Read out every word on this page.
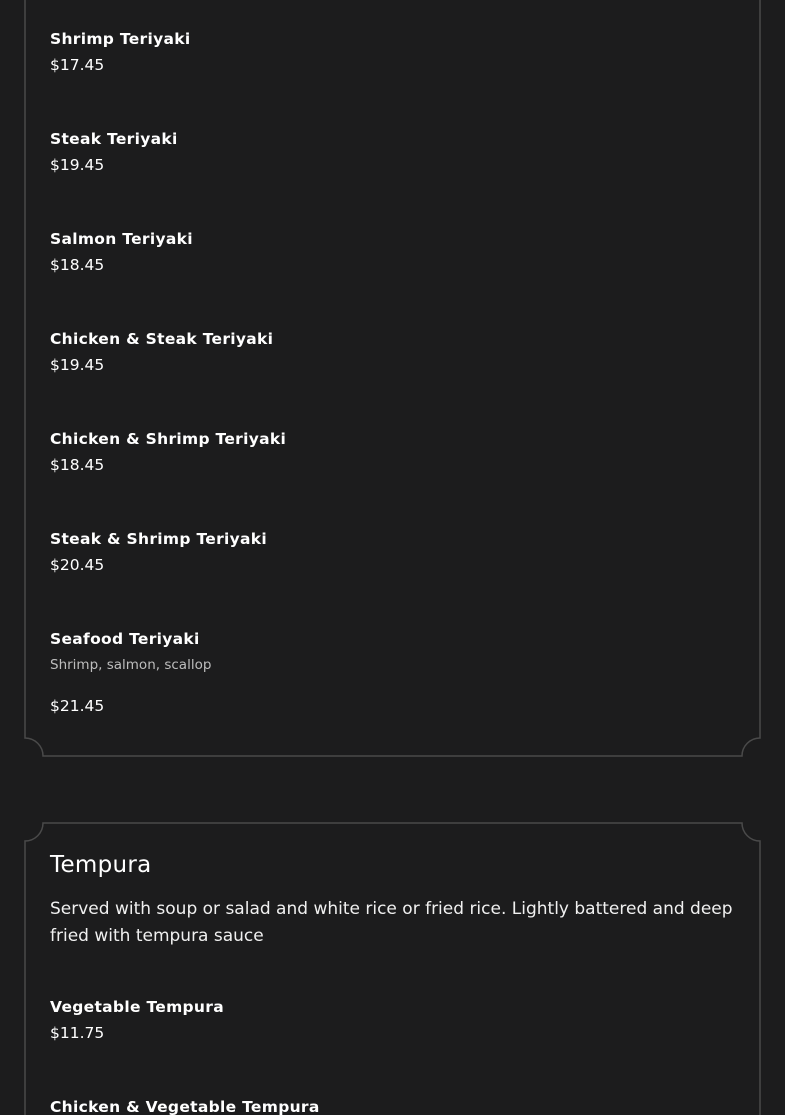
Shrimp Teriyaki
$17.45
Steak Teriyaki
$19.45
Salmon Teriyaki
$18.45
Chicken & Steak Teriyaki
$19.45
Chicken & Shrimp Teriyaki
$18.45
Steak & Shrimp Teriyaki
$20.45
Seafood Teriyaki
Shrimp, salmon, scallop
$21.45
Tempura
Served with soup or salad and white rice or fried rice. Lightly battered and deep fried with tempura sauce
Vegetable Tempura
$11.75
Chicken & Vegetable Tempura
